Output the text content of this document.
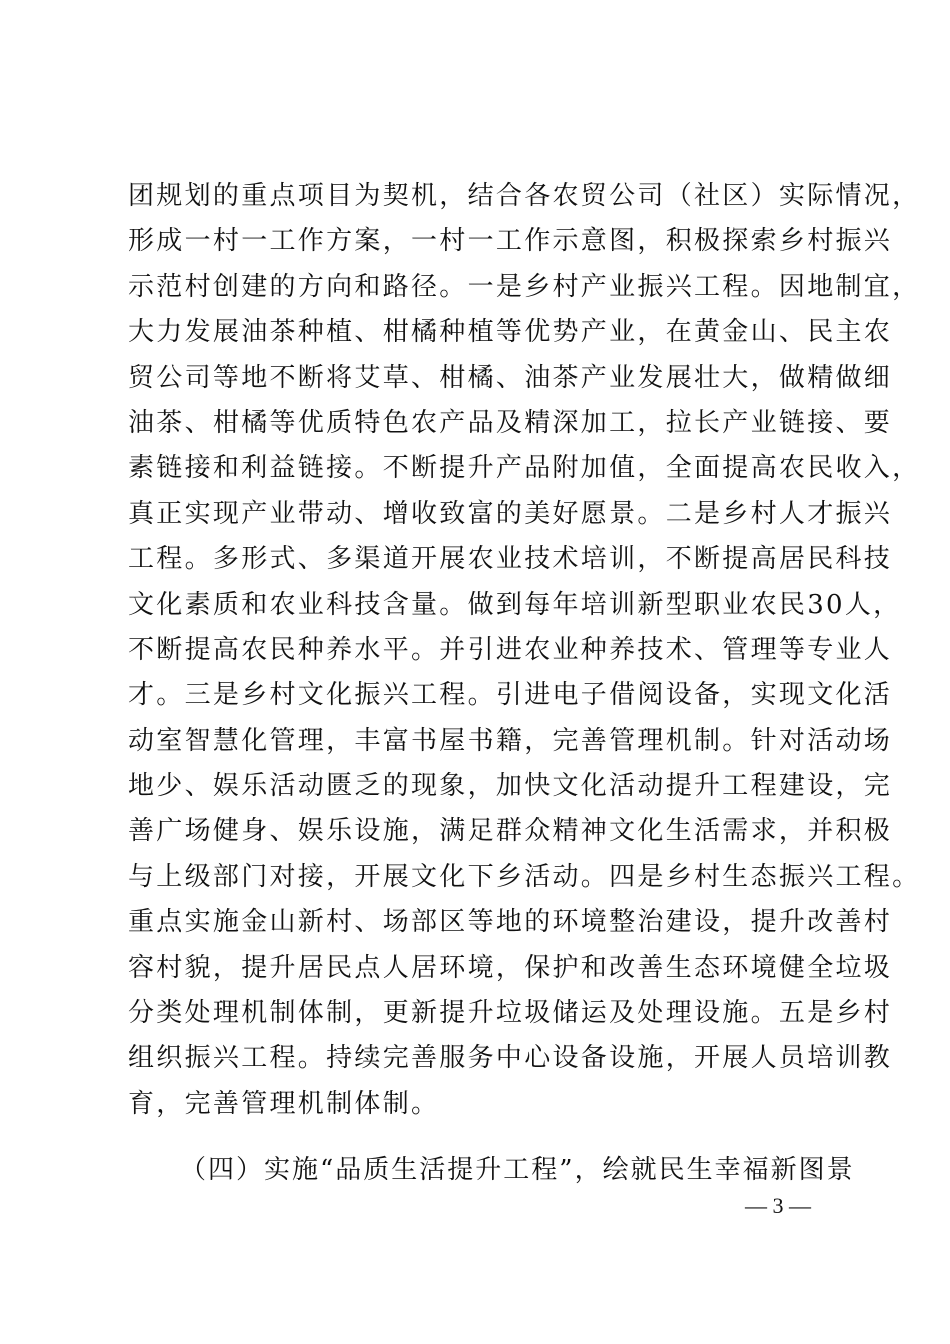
团规划的重点项目为契机，结合各农贸公司（社区）实际情况，
形成一村一工作方案，一村一工作示意图，积极探索乡村振兴
示范村创建的方向和路径。一是乡村产业振兴工程。因地制宜，
大力发展油茶种植、柑橘种植等优势产业，在黄金山、民主农
贸公司等地不断将艾草、柑橘、油茶产业发展壮大，做精做细
油茶、柑橘等优质特色农产品及精深加工，拉长产业链接、要
素链接和利益链接。不断提升产品附加值，全面提高农民收入，
真正实现产业带动、增收致富的美好愿景。二是乡村人才振兴
工程。多形式、多渠道开展农业技术培训，不断提高居民科技
文化素质和农业科技含量。做到每年培训新型职业农民30人，
不断提高农民种养水平。并引进农业种养技术、管理等专业人
才。三是乡村文化振兴工程。引进电子借阅设备，实现文化活
动室智慧化管理，丰富书屋书籍，完善管理机制。针对活动场
地少、娱乐活动匮乏的现象，加快文化活动提升工程建设，完
善广场健身、娱乐设施，满足群众精神文化生活需求，并积极
与上级部门对接，开展文化下乡活动。四是乡村生态振兴工程。
重点实施金山新村、场部区等地的环境整治建设，提升改善村
容村貌，提升居民点人居环境，保护和改善生态环境健全垃圾
分类处理机制体制，更新提升垃圾储运及处理设施。五是乡村
组织振兴工程。持续完善服务中心设备设施，开展人员培训教
育，完善管理机制体制。
（四）实施“品质生活提升工程”，绘就民生幸福新图景
— 3 —
